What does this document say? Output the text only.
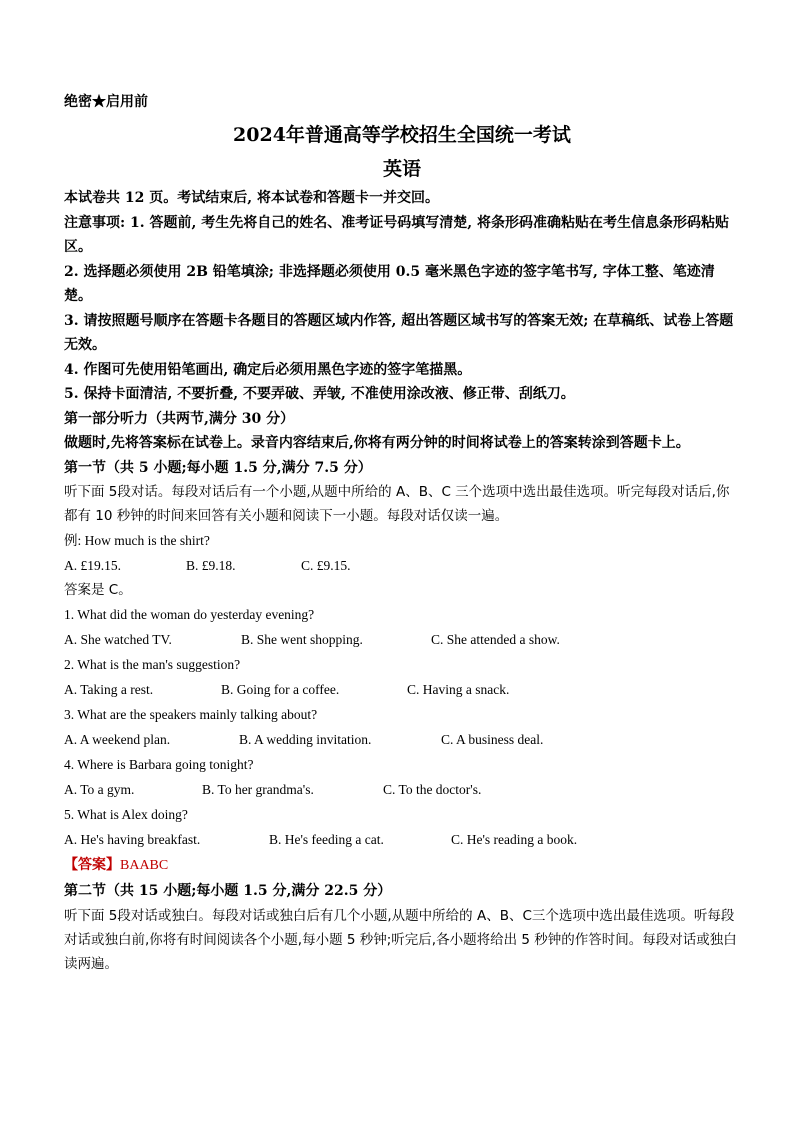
绝密★启用前
2024年普通高等学校招生全国统一考试
英语
本试卷共 12 页。考试结束后, 将本试卷和答题卡一并交回。
注意事项: 1. 答题前, 考生先将自己的姓名、准考证号码填写清楚, 将条形码准确粘贴在考生信息条形码粘贴区。
2. 选择题必须使用 2B 铅笔填涂; 非选择题必须使用 0.5 毫米黑色字迹的签字笔书写, 字体工整、笔迹清楚。
3. 请按照题号顺序在答题卡各题目的答题区域内作答, 超出答题区域书写的答案无效; 在草稿纸、试卷上答题无效。
4. 作图可先使用铅笔画出, 确定后必须用黑色字迹的签字笔描黑。
5. 保持卡面清洁, 不要折叠, 不要弄破、弄皱, 不准使用涂改液、修正带、刮纸刀。
第一部分听力（共两节,满分 30 分）
做题时,先将答案标在试卷上。录音内容结束后,你将有两分钟的时间将试卷上的答案转涂到答题卡上。
第一节（共 5 小题;每小题 1.5 分,满分 7.5 分）
听下面 5段对话。每段对话后有一个小题,从题中所给的 A、B、C 三个选项中选出最佳选项。听完每段对话后,你都有 10 秒钟的时间来回答有关小题和阅读下一小题。每段对话仅读一遍。
例: How much is the shirt?
A. £19.15.	B. £9.18.	C. £9.15.
答案是 C。
1. What did the woman do yesterday evening?
A. She watched TV.	B. She went shopping.	C. She attended a show.
2. What is the man's suggestion?
A. Taking a rest.	B. Going for a coffee.	C. Having a snack.
3. What are the speakers mainly talking about?
A. A weekend plan.	B. A wedding invitation.	C. A business deal.
4. Where is Barbara going tonight?
A. To a gym.	B. To her grandma's.	C. To the doctor's.
5. What is Alex doing?
A. He's having breakfast.	B. He's feeding a cat.	C. He's reading a book.
【答案】BAABC
第二节（共 15 小题;每小题 1.5 分,满分 22.5 分）
听下面 5段对话或独白。每段对话或独白后有几个小题,从题中所给的 A、B、C三个选项中选出最佳选项。听每段对话或独白前,你将有时间阅读各个小题,每小题 5 秒钟;听完后,各小题将给出 5 秒钟的作答时间。每段对话或独白读两遍。
